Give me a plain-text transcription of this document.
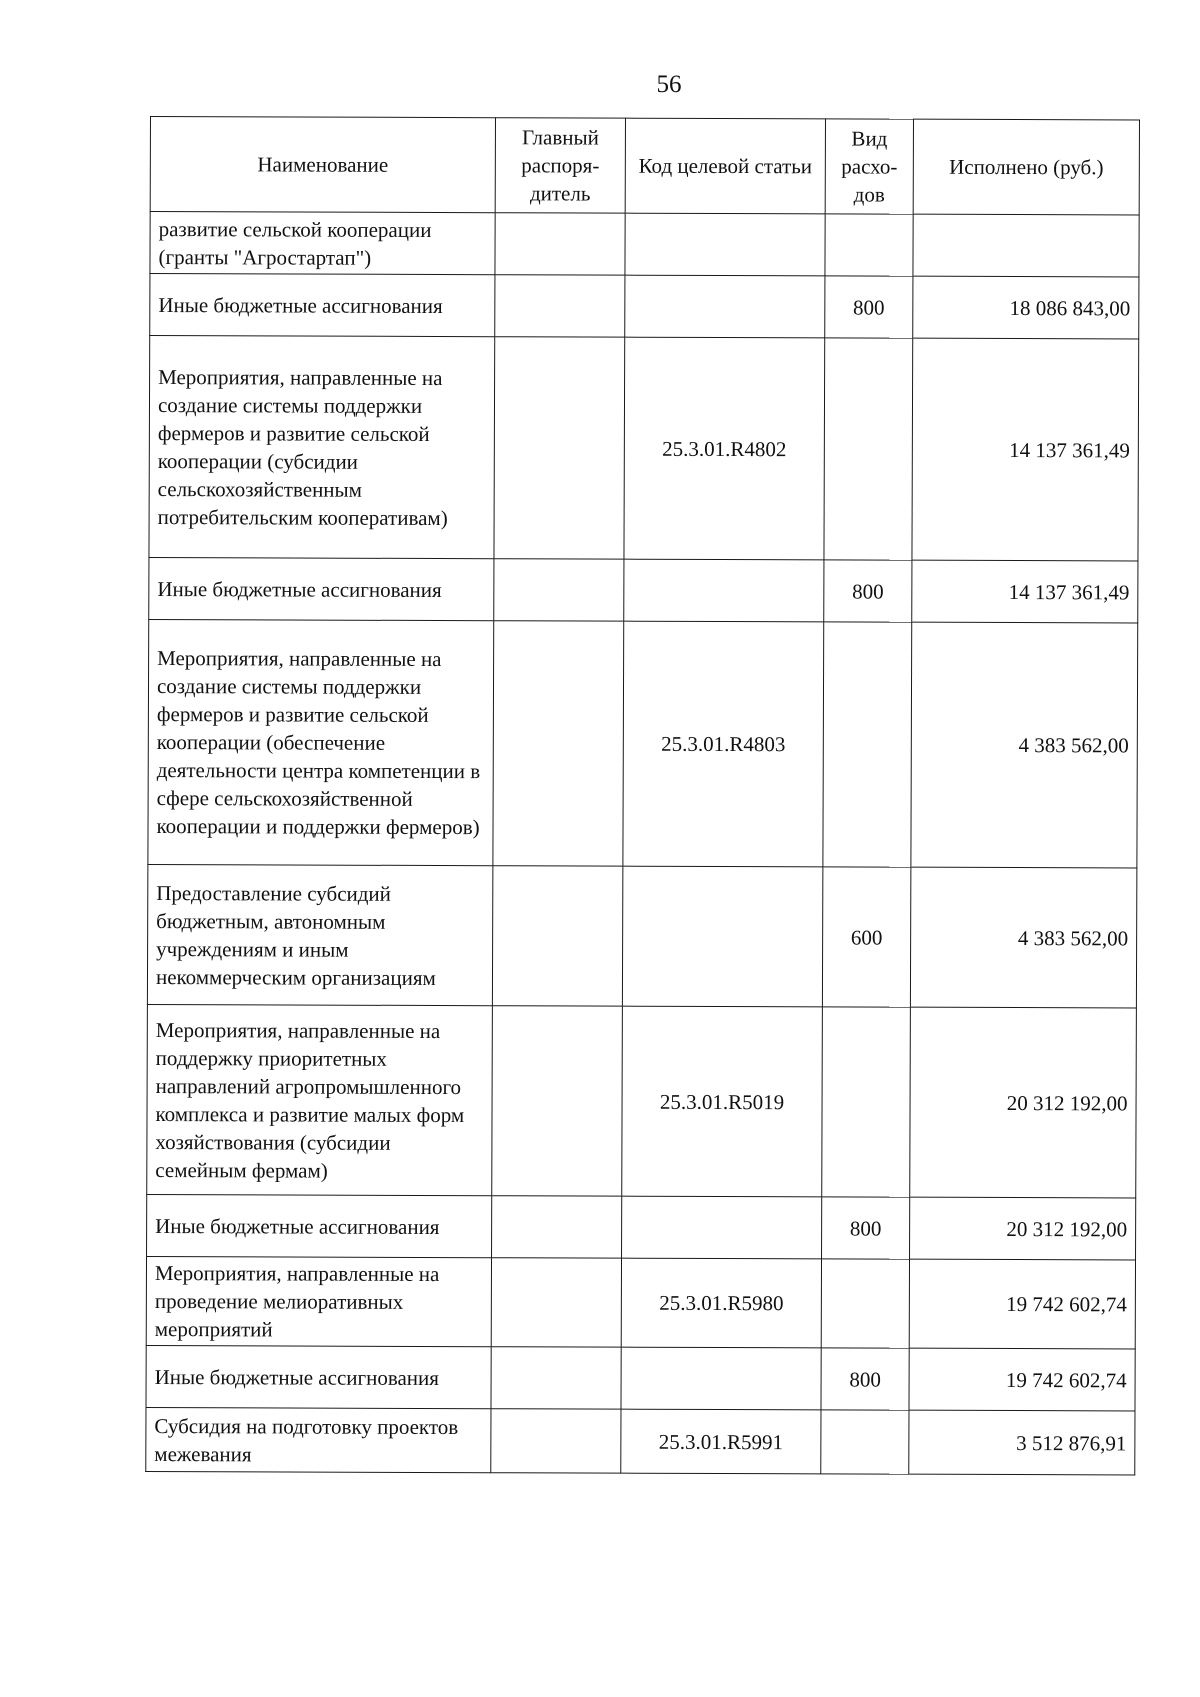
56
Наименование	Главный распоря-дитель	Код целевой статьи	Вид расхо-дов	Исполнено (руб.)
развитие сельской кооперации (гранты "Агростартап")				
Иные бюджетные ассигнования			800	18 086 843,00
Мероприятия, направленные на создание системы поддержки фермеров и развитие сельской кооперации (субсидии сельскохозяйственным потребительским кооперативам)		25.3.01.R4802		14 137 361,49
Иные бюджетные ассигнования			800	14 137 361,49
Мероприятия, направленные на создание системы поддержки фермеров и развитие сельской кооперации (обеспечение деятельности центра компетенции в сфере сельскохозяйственной кооперации и поддержки фермеров)		25.3.01.R4803		4 383 562,00
Предоставление субсидий бюджетным, автономным учреждениям и иным некоммерческим организациям			600	4 383 562,00
Мероприятия, направленные на поддержку приоритетных направлений агропромышленного комплекса и развитие малых форм хозяйствования (субсидии семейным фермам)		25.3.01.R5019		20 312 192,00
Иные бюджетные ассигнования			800	20 312 192,00
Мероприятия, направленные на проведение мелиоративных мероприятий		25.3.01.R5980		19 742 602,74
Иные бюджетные ассигнования			800	19 742 602,74
Субсидия на подготовку проектов межевания		25.3.01.R5991		3 512 876,91
